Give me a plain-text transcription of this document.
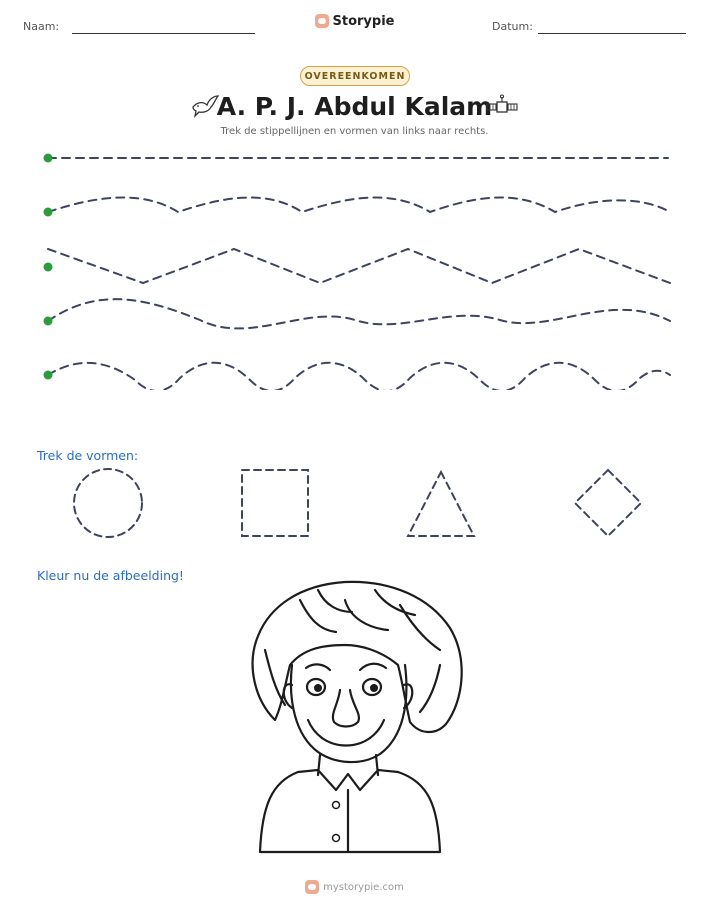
Naam:	Storypie	Datum:
OVEREENKOMEN
A. P. J. Abdul Kalam
Trek de stippellijnen en vormen van links naar rechts.
Trek de vormen:
Kleur nu de afbeelding!
mystorypie.com
